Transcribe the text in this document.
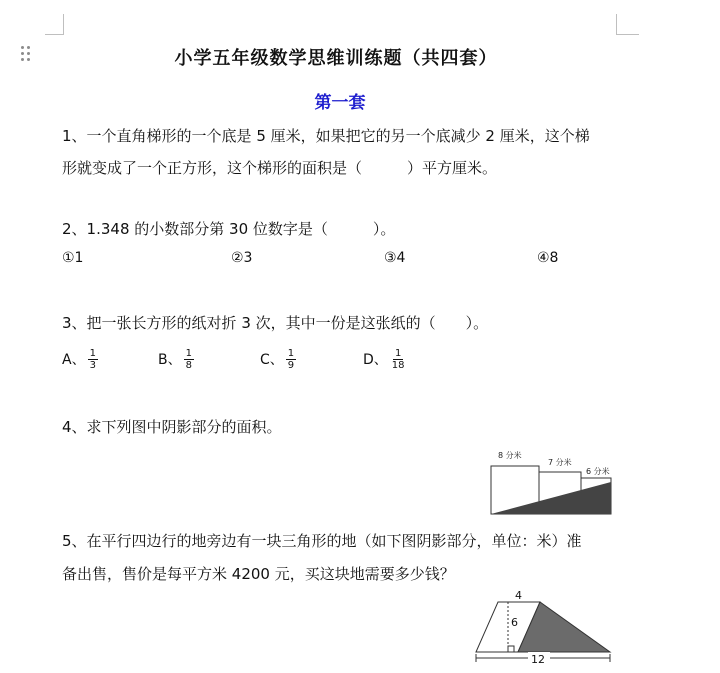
小学五年级数学思维训练题（共四套）
第一套
1、一个直角梯形的一个底是 5 厘米，如果把它的另一个底减少 2 厘米，这个梯
形就变成了一个正方形，这个梯形的面积是（　　　）平方厘米。
2、1.348 的小数部分第 30 位数字是（　　　）。
①1	②3	③4	④8
3、把一张长方形的纸对折 3 次，其中一份是这张纸的（　　）。
A、 $\frac{1}{3}$	B、 $\frac{1}{8}$	C、 $\frac{1}{9}$	D、 $\frac{1}{18}$
4、求下列图中阴影部分的面积。
8 分米
7 分米
6 分米
5、在平行四边行的地旁边有一块三角形的地（如下图阴影部分，单位：米）准
备出售，售价是每平方米 4200 元，买这块地需要多少钱？
4
6
12
